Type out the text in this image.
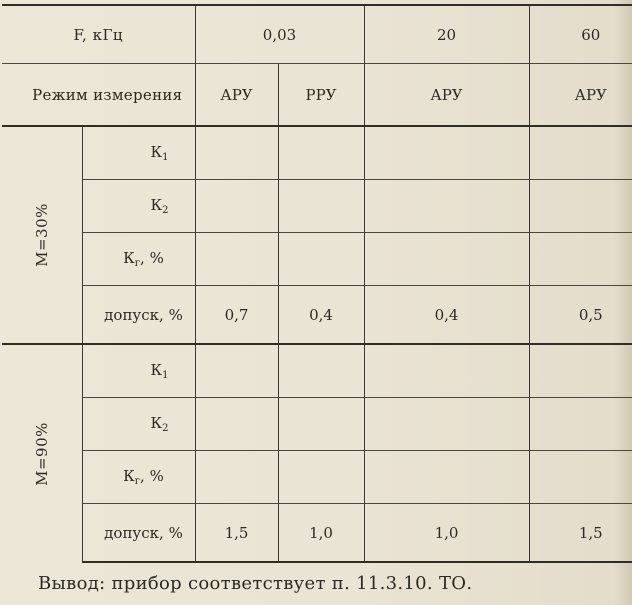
F, кГц		0,03		20	60
Режим измерения		АРУ	РРУ	АРУ	АРУ
М=30%	$К_1$				
	$К_2$				
	$К_г$, %				
	допуск, %	0,7	0,4	0,4	0,5
М=90%	$К_1$				
	$К_2$				
	$К_г$, %				
	допуск, %	1,5	1,0	1,0	1,5
Вывод: прибор соответствует п. 11.3.10. ТО.
